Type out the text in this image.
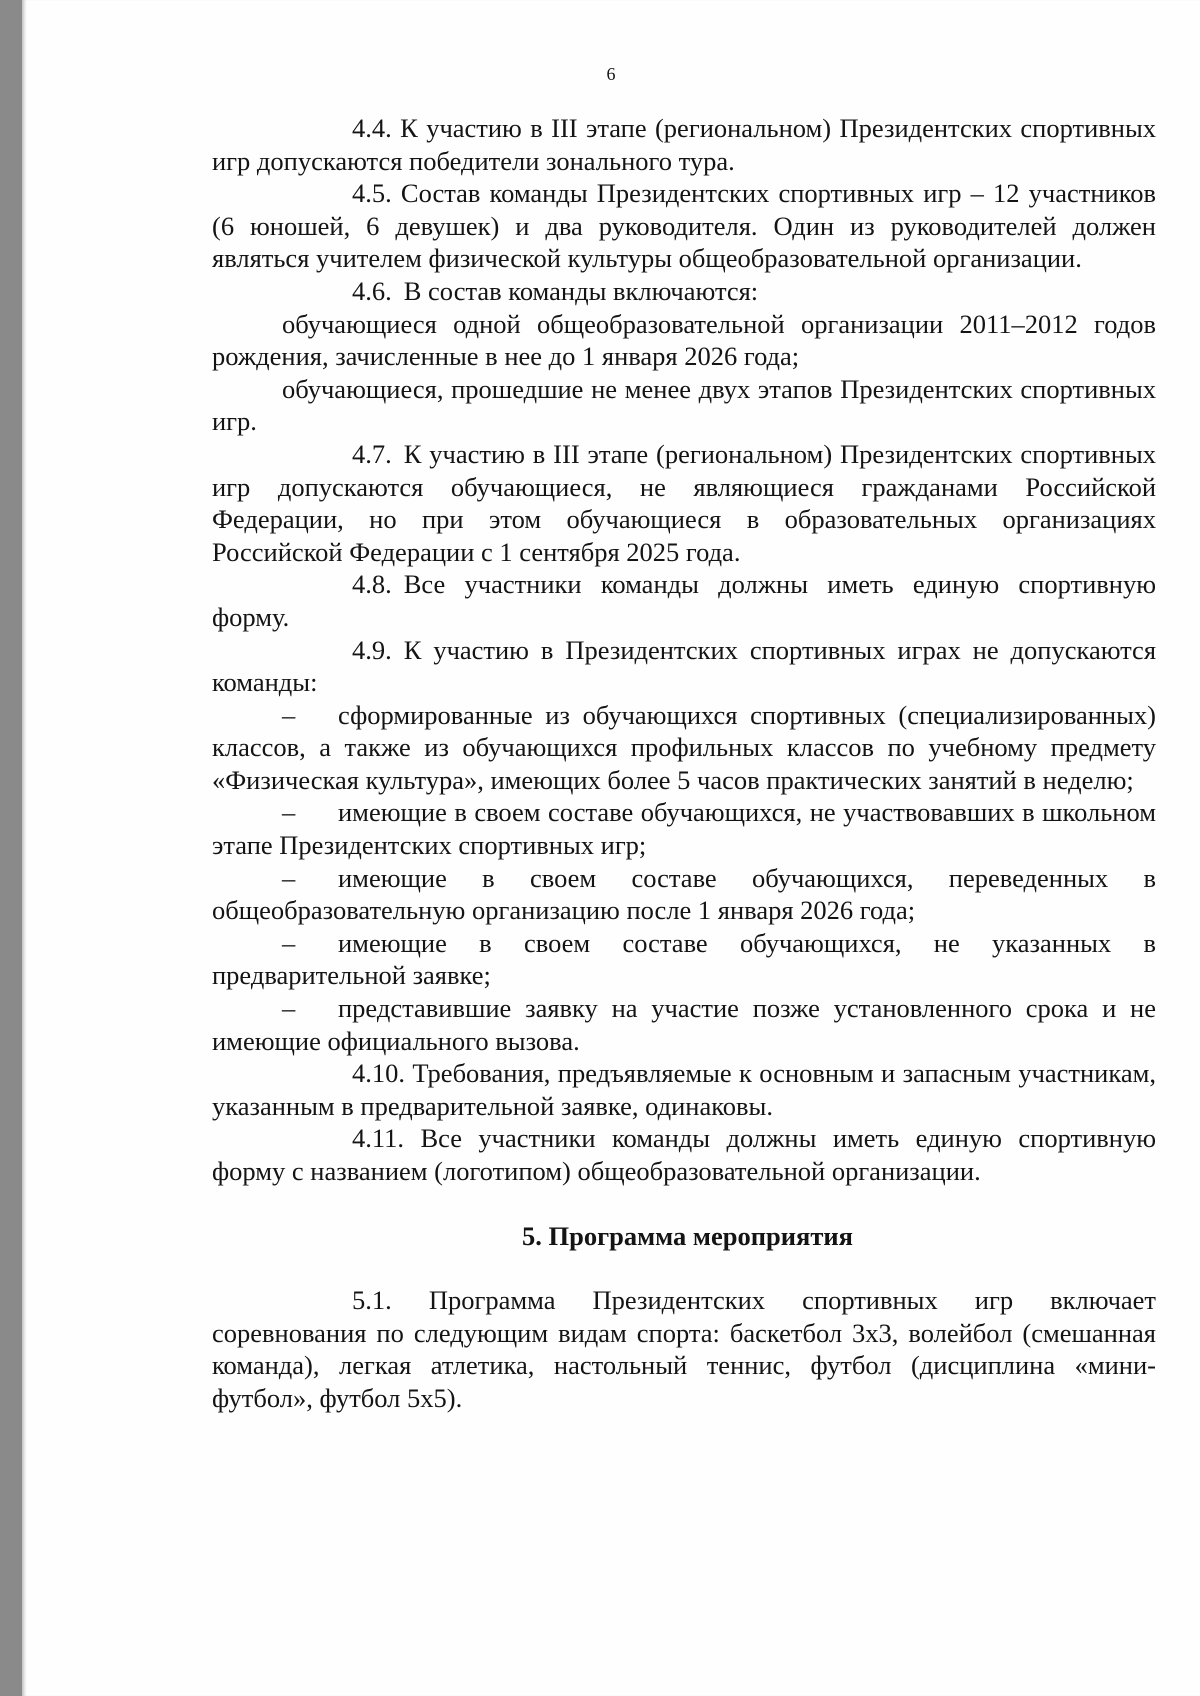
6

4.4. К участию в III этапе (региональном) Президентских спортивных игр допускаются победители зонального тура.

4.5. Состав команды Президентских спортивных игр – 12 участников (6 юношей, 6 девушек) и два руководителя. Один из руководителей должен являться учителем физической культуры общеобразовательной организации.

4.6. В состав команды включаются:

обучающиеся одной общеобразовательной организации 2011–2012 годов рождения, зачисленные в нее до 1 января 2026 года;

обучающиеся, прошедшие не менее двух этапов Президентских спортивных игр.

4.7. К участию в III этапе (региональном) Президентских спортивных игр допускаются обучающиеся, не являющиеся гражданами Российской Федерации, но при этом обучающиеся в образовательных организациях Российской Федерации с 1 сентября 2025 года.

4.8. Все участники команды должны иметь единую спортивную форму.

4.9. К участию в Президентских спортивных играх не допускаются команды:

– сформированные из обучающихся спортивных (специализированных) классов, а также из обучающихся профильных классов по учебному предмету «Физическая культура», имеющих более 5 часов практических занятий в неделю;

– имеющие в своем составе обучающихся, не участвовавших в школьном этапе Президентских спортивных игр;

– имеющие в своем составе обучающихся, переведенных в общеобразовательную организацию после 1 января 2026 года;

– имеющие в своем составе обучающихся, не указанных в предварительной заявке;

– представившие заявку на участие позже установленного срока и не имеющие официального вызова.

4.10. Требования, предъявляемые к основным и запасным участникам, указанным в предварительной заявке, одинаковы.

4.11. Все участники команды должны иметь единую спортивную форму с названием (логотипом) общеобразовательной организации.

5. Программа мероприятия

5.1. Программа Президентских спортивных игр включает соревнования по следующим видам спорта: баскетбол 3х3, волейбол (смешанная команда), легкая атлетика, настольный теннис, футбол (дисциплина «мини-футбол», футбол 5х5).
